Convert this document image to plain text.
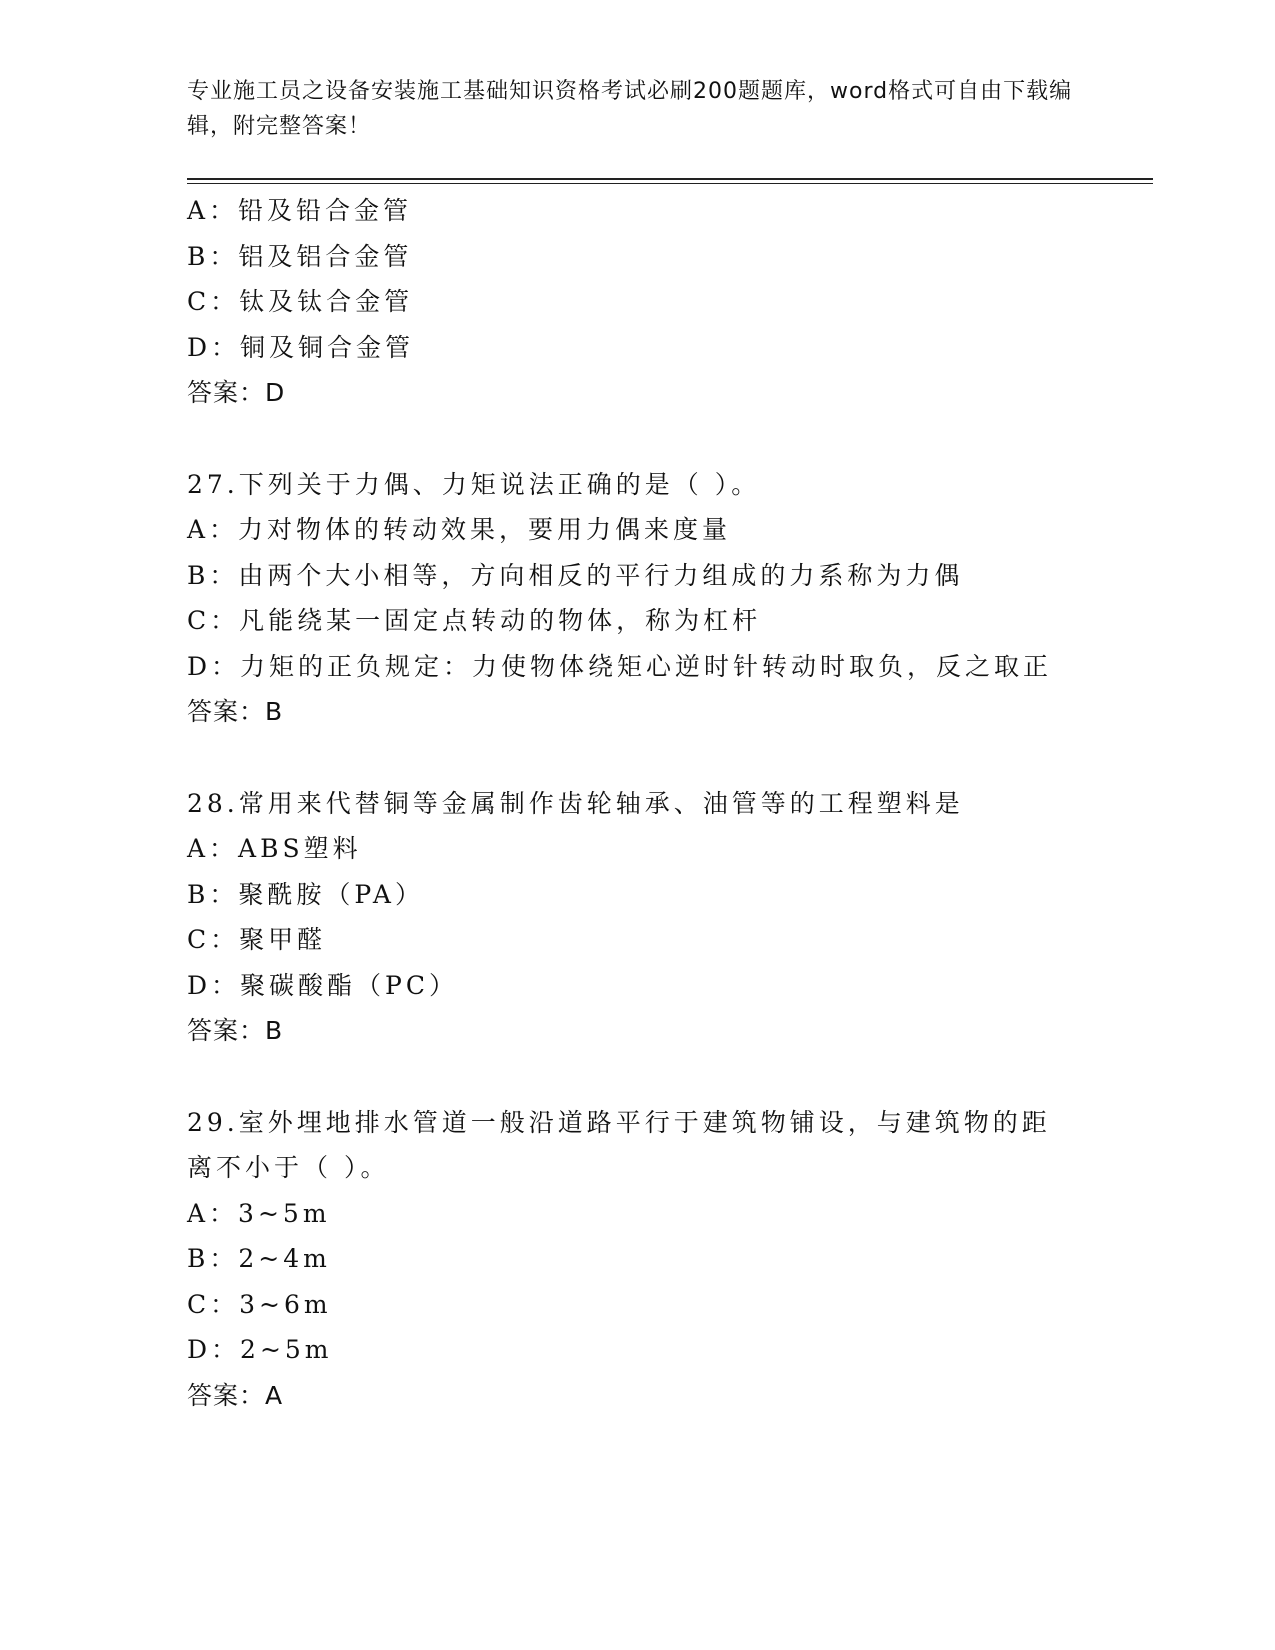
专业施工员之设备安装施工基础知识资格考试必刷200题题库，word格式可自由下载编辑，附完整答案！
A：铅及铅合金管
B：铝及铝合金管
C：钛及钛合金管
D：铜及铜合金管
答案：D
27.下列关于力偶、力矩说法正确的是（ ）。
A：力对物体的转动效果，要用力偶来度量
B：由两个大小相等，方向相反的平行力组成的力系称为力偶
C：凡能绕某一固定点转动的物体，称为杠杆
D：力矩的正负规定：力使物体绕矩心逆时针转动时取负，反之取正
答案：B
28.常用来代替铜等金属制作齿轮轴承、油管等的工程塑料是
A：ABS塑料
B：聚酰胺（PA）
C：聚甲醛
D：聚碳酸酯（PC）
答案：B
29.室外埋地排水管道一般沿道路平行于建筑物铺设，与建筑物的距离不小于（ ）。
A：3~5m
B：2~4m
C：3~6m
D：2~5m
答案：A
